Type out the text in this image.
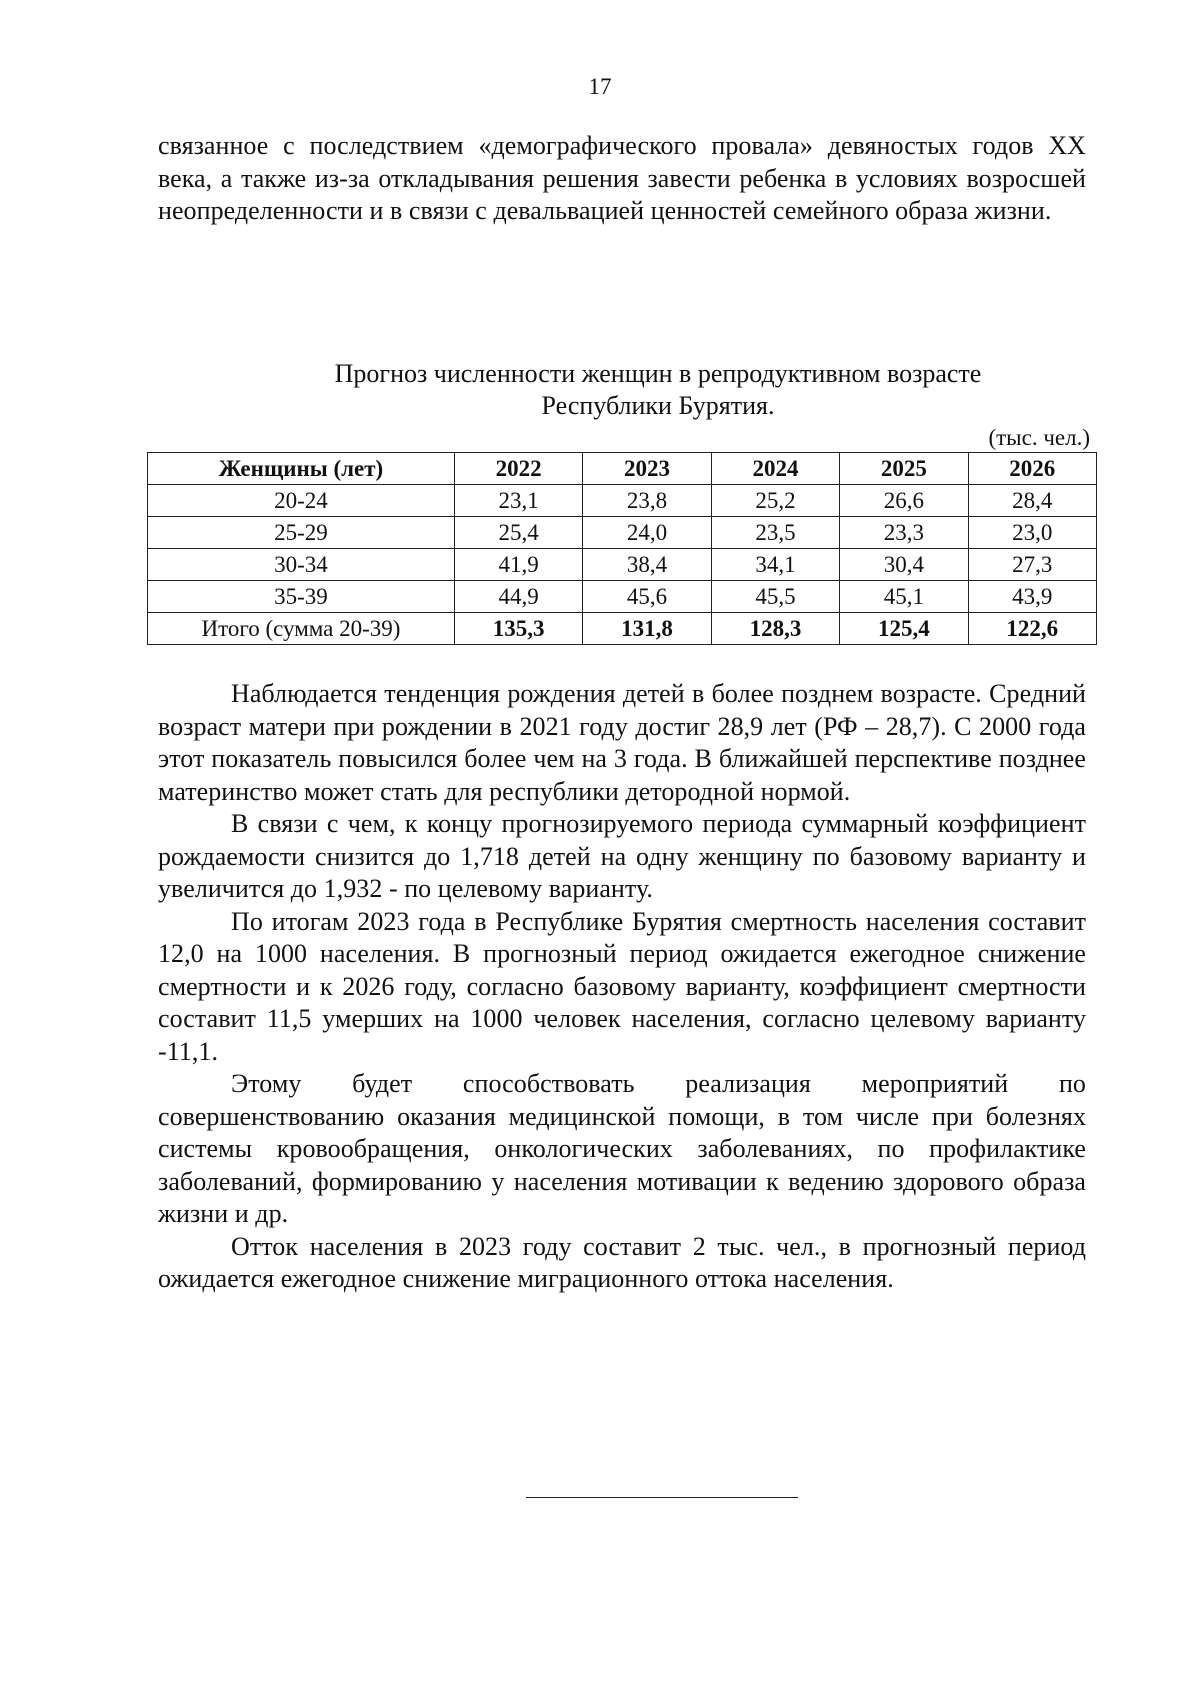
17

связанное с последствием «демографического провала» девяностых годов XX века, а также из-за откладывания решения завести ребенка в условиях возросшей неопределенности и в связи с девальвацией ценностей семейного образа жизни.

Прогноз численности женщин в репродуктивном возрасте
Республики Бурятия.
(тыс. чел.)
Женщины (лет)	2022	2023	2024	2025	2026
20-24	23,1	23,8	25,2	26,6	28,4
25-29	25,4	24,0	23,5	23,3	23,0
30-34	41,9	38,4	34,1	30,4	27,3
35-39	44,9	45,6	45,5	45,1	43,9
Итого (сумма 20-39)	135,3	131,8	128,3	125,4	122,6

Наблюдается тенденция рождения детей в более позднем возрасте. Средний возраст матери при рождении в 2021 году достиг 28,9 лет (РФ – 28,7). С 2000 года этот показатель повысился более чем на 3 года. В ближайшей перспективе позднее материнство может стать для республики детородной нормой.

В связи с чем, к концу прогнозируемого периода суммарный коэффициент рождаемости снизится до 1,718 детей на одну женщину по базовому варианту и увеличится до 1,932 - по целевому варианту.

По итогам 2023 года в Республике Бурятия смертность населения составит 12,0 на 1000 населения. В прогнозный период ожидается ежегодное снижение смертности и к 2026 году, согласно базовому варианту, коэффициент смертности составит 11,5 умерших на 1000 человек населения, согласно целевому варианту -11,1.

Этому будет способствовать реализация мероприятий по совершенствованию оказания медицинской помощи, в том числе при болезнях системы кровообращения, онкологических заболеваниях, по профилактике заболеваний, формированию у населения мотивации к ведению здорового образа жизни и др.

Отток населения в 2023 году составит 2 тыс. чел., в прогнозный период ожидается ежегодное снижение миграционного оттока населения.
